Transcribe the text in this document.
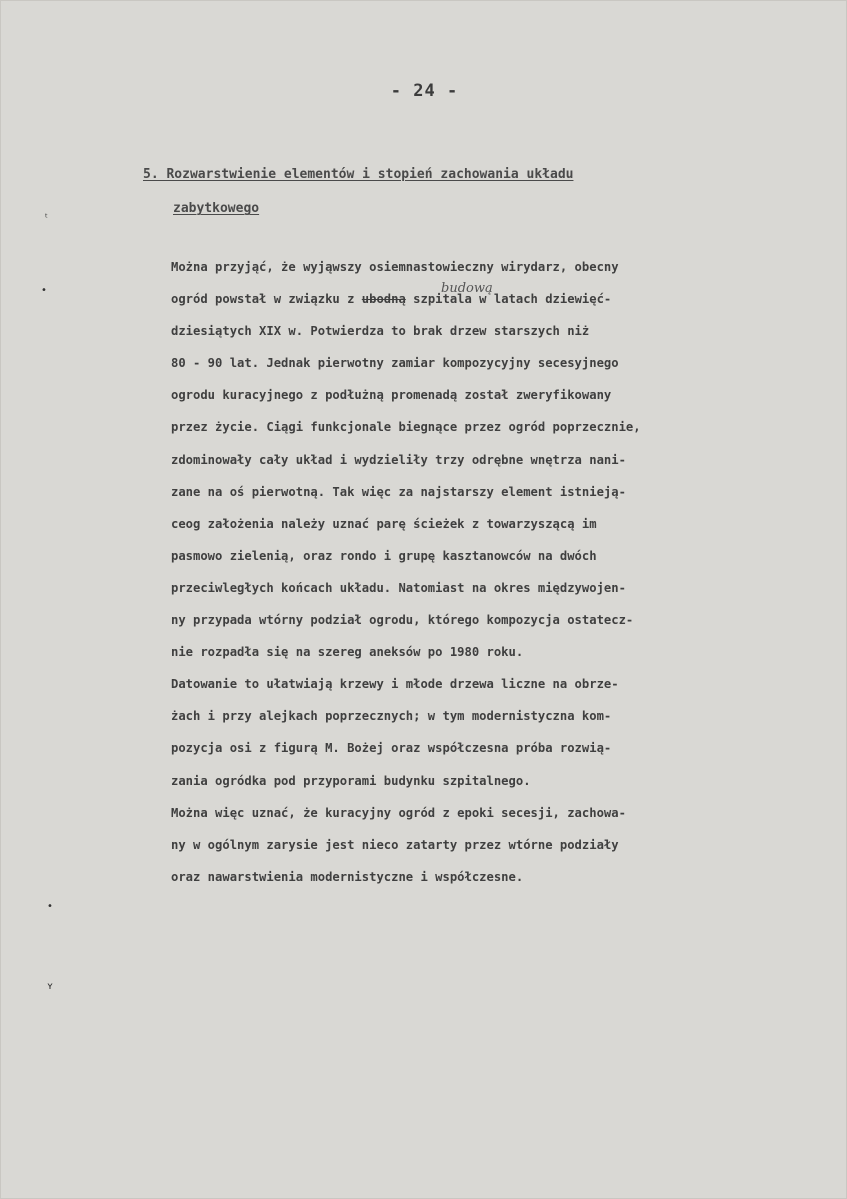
- 24 -
5. Rozwarstwienie elementów i stopień zachowania układu
zabytkowego
budową
Można przyjąć, że wyjąwszy osiemnastowieczny wirydarz, obecny
ogród powstał w związku z ubodną szpitala w latach dziewięć-
dziesiątych XIX w. Potwierdza to brak drzew starszych niż
80 - 90 lat. Jednak pierwotny zamiar kompozycyjny secesyjnego
ogrodu kuracyjnego z podłużną promenadą został zweryfikowany
przez życie. Ciągi funkcjonale biegnące przez ogród poprzecznie,
zdominowały cały układ i wydzieliły trzy odrębne wnętrza nani-
zane na oś pierwotną. Tak więc za najstarszy element istnieją-
ceog założenia należy uznać parę ścieżek z towarzyszącą im
pasmowo zielenią, oraz rondo i grupę kasztanowców na dwóch
przeciwległych końcach układu. Natomiast na okres międzywojen-
ny przypada wtórny podział ogrodu, którego kompozycja ostatecz-
nie rozpadła się na szereg aneksów po 1980 roku.
Datowanie to ułatwiają krzewy i młode drzewa liczne na obrze-
żach i przy alejkach poprzecznych; w tym modernistyczna kom-
pozycja osi z figurą M. Bożej oraz współczesna próba rozwią-
zania ogródka pod przyporami budynku szpitalnego.
Można więc uznać, że kuracyjny ogród z epoki secesji, zachowa-
ny w ogólnym zarysie jest nieco zatarty przez wtórne podziały
oraz nawarstwienia modernistyczne i współczesne.
ᵗ
•
•
ʏ
